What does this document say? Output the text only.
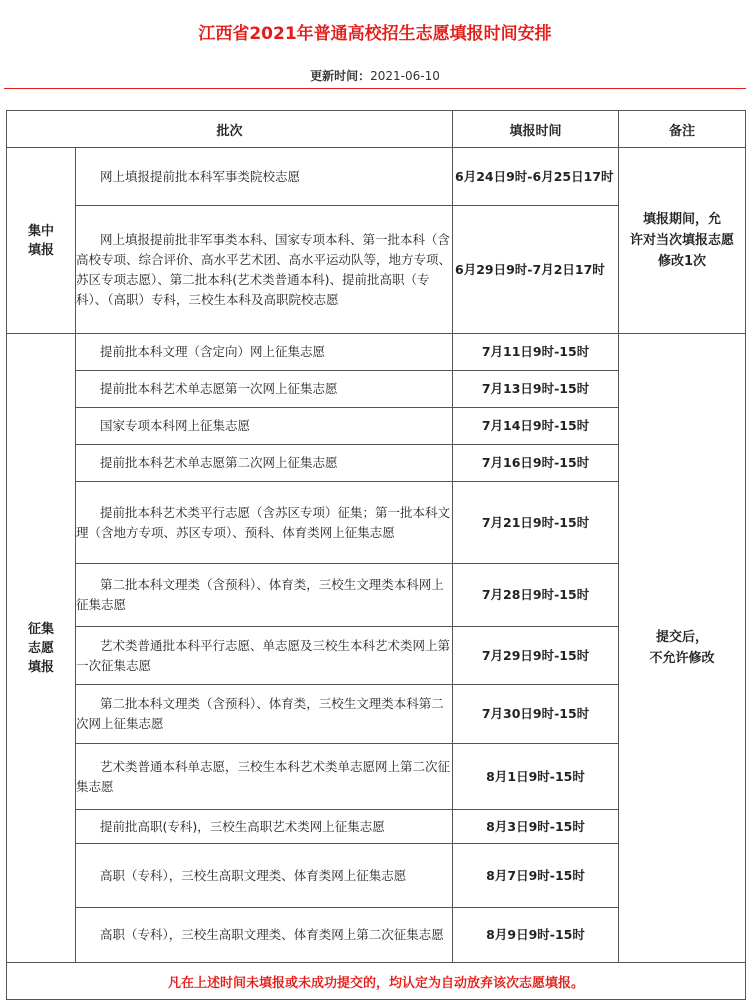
江西省2021年普通高校招生志愿填报时间安排
更新时间：2021-06-10
批次		填报时间	备注
集中
填报	网上填报提前批本科军事类院校志愿	6月24日9时-6月25日17时	填报期间，允
许对当次填报志愿
修改1次
	网上填报提前批非军事类本科、国家专项本科、第一批本科（含高校专项、综合评价、高水平艺术团、高水平运动队等，地方专项、苏区专项志愿）、第二批本科(艺术类普通本科)、提前批高职（专科）、（高职）专科，三校生本科及高职院校志愿	6月29日9时-7月2日17时	
征集
志愿
填报	提前批本科文理（含定向）网上征集志愿	7月11日9时-15时	提交后，
不允许修改
	提前批本科艺术单志愿第一次网上征集志愿	7月13日9时-15时	
	国家专项本科网上征集志愿	7月14日9时-15时	
	提前批本科艺术单志愿第二次网上征集志愿	7月16日9时-15时	
	提前批本科艺术类平行志愿（含苏区专项）征集；第一批本科文理（含地方专项、苏区专项）、预科、体育类网上征集志愿	7月21日9时-15时	
	第二批本科文理类（含预科）、体育类，三校生文理类本科网上征集志愿	7月28日9时-15时	
	艺术类普通批本科平行志愿、单志愿及三校生本科艺术类网上第一次征集志愿	7月29日9时-15时	
	第二批本科文理类（含预科）、体育类，三校生文理类本科第二次网上征集志愿	7月30日9时-15时	
	艺术类普通本科单志愿，三校生本科艺术类单志愿网上第二次征集志愿	8月1日9时-15时	
	提前批高职(专科)，三校生高职艺术类网上征集志愿	8月3日9时-15时	
	高职（专科），三校生高职文理类、体育类网上征集志愿	8月7日9时-15时	
	高职（专科），三校生高职文理类、体育类网上第二次征集志愿	8月9日9时-15时	
凡在上述时间未填报或未成功提交的，均认定为自动放弃该次志愿填报。			
